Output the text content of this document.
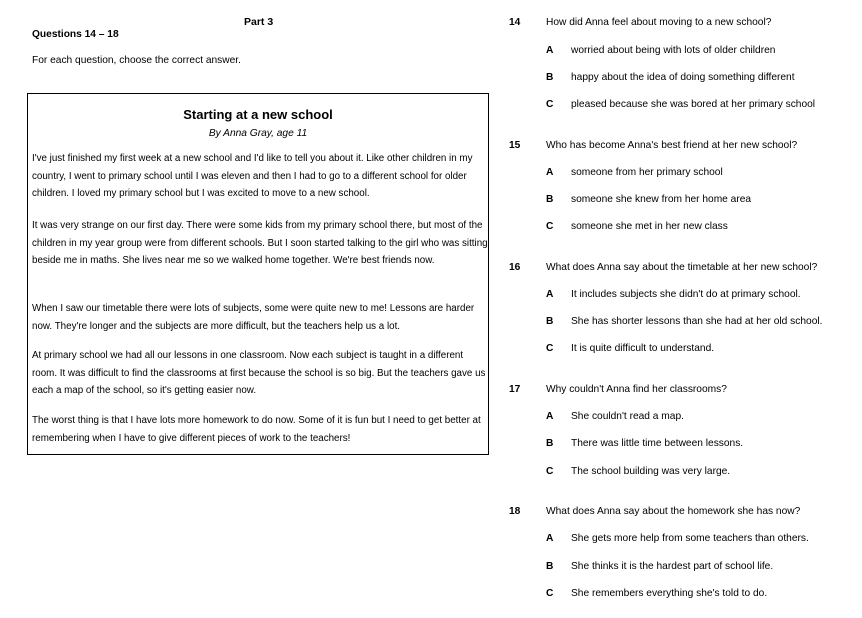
Part 3
Questions 14 – 18
For each question, choose the correct answer.
Starting at a new school
By Anna Gray, age 11
I've just finished my first week at a new school and I'd like to tell you about it. Like other children in my country, I went to primary school until I was eleven and then I had to go to a different school for older children. I loved my primary school but I was excited to move to a new school.
It was very strange on our first day. There were some kids from my primary school there, but most of the children in my year group were from different schools. But I soon started talking to the girl who was sitting beside me in maths. She lives near me so we walked home together. We're best friends now.
When I saw our timetable there were lots of subjects, some were quite new to me! Lessons are harder now. They're longer and the subjects are more difficult, but the teachers help us a lot.
At primary school we had all our lessons in one classroom. Now each subject is taught in a different room. It was difficult to find the classrooms at first because the school is so big. But the teachers gave us each a map of the school, so it's getting easier now.
The worst thing is that I have lots more homework to do now. Some of it is fun but I need to get better at remembering when I have to give different pieces of work to the teachers!
14	How did Anna feel about moving to a new school?
A worried about being with lots of older children
B happy about the idea of doing something different
C pleased because she was bored at her primary school
15	Who has become Anna's best friend at her new school?
A someone from her primary school
B someone she knew from her home area
C someone she met in her new class
16	What does Anna say about the timetable at her new school?
A It includes subjects she didn't do at primary school.
B She has shorter lessons than she had at her old school.
C It is quite difficult to understand.
17	Why couldn't Anna find her classrooms?
A She couldn't read a map.
B There was little time between lessons.
C The school building was very large.
18	What does Anna say about the homework she has now?
A She gets more help from some teachers than others.
B She thinks it is the hardest part of school life.
C She remembers everything she's told to do.
